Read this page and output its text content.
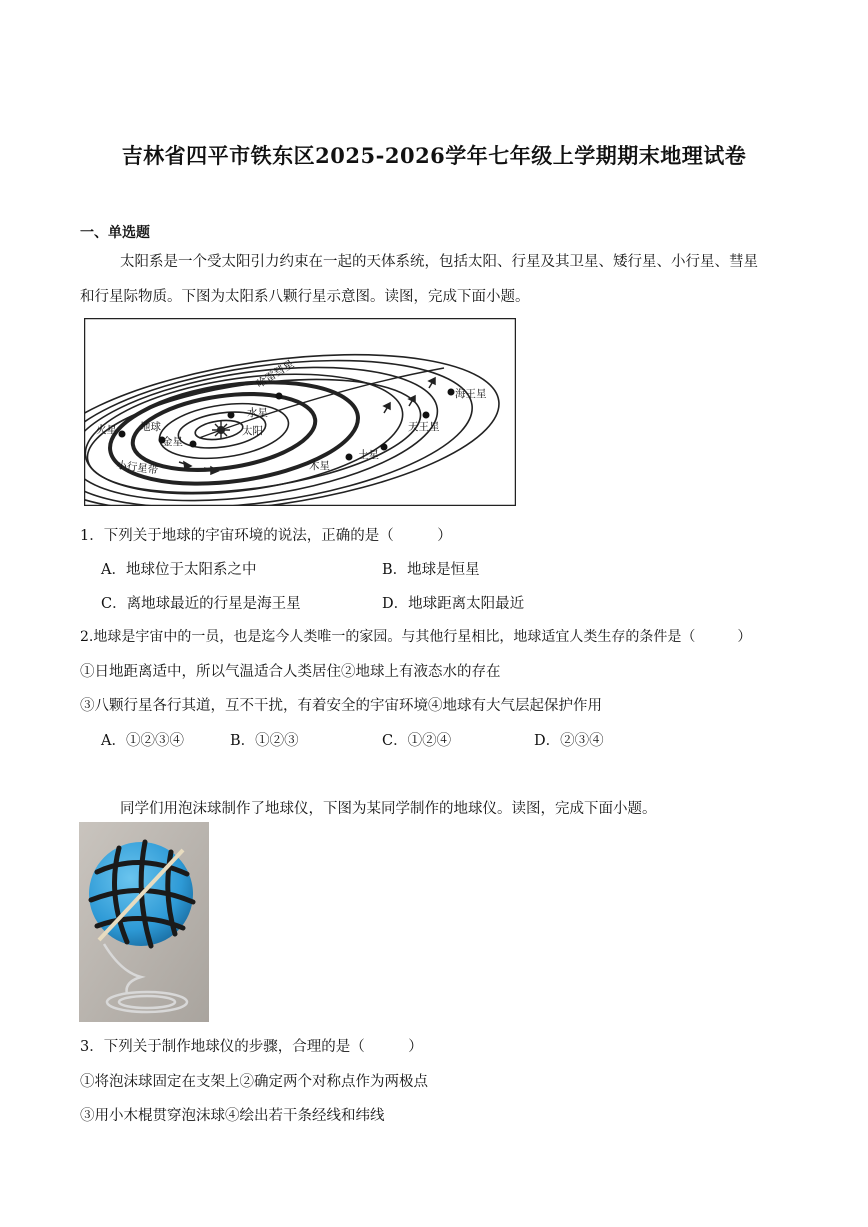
吉林省四平市铁东区2025-2026学年七年级上学期期末地理试卷
一、单选题
太阳系是一个受太阳引力约束在一起的天体系统，包括太阳、行星及其卫星、矮行星、小行星、彗星
和行星际物质。下图为太阳系八颗行星示意图。读图，完成下面小题。
哈雷彗星
海王星
天王星
土星
木星
水星
太阳
金星
地球
火星
小行星带
1．下列关于地球的宇宙环境的说法，正确的是（　　　）
A．地球位于太阳系之中	B．地球是恒星
C．离地球最近的行星是海王星	D．地球距离太阳最近
2.地球是宇宙中的一员，也是迄今人类唯一的家园。与其他行星相比，地球适宜人类生存的条件是（　　　）
①日地距离适中，所以气温适合人类居住②地球上有液态水的存在
③八颗行星各行其道，互不干扰，有着安全的宇宙环境④地球有大气层起保护作用
A．①②③④	B．①②③	C．①②④	D．②③④
同学们用泡沫球制作了地球仪，下图为某同学制作的地球仪。读图，完成下面小题。
3．下列关于制作地球仪的步骤，合理的是（　　　）
①将泡沫球固定在支架上②确定两个对称点作为两极点
③用小木棍贯穿泡沫球④绘出若干条经线和纬线
